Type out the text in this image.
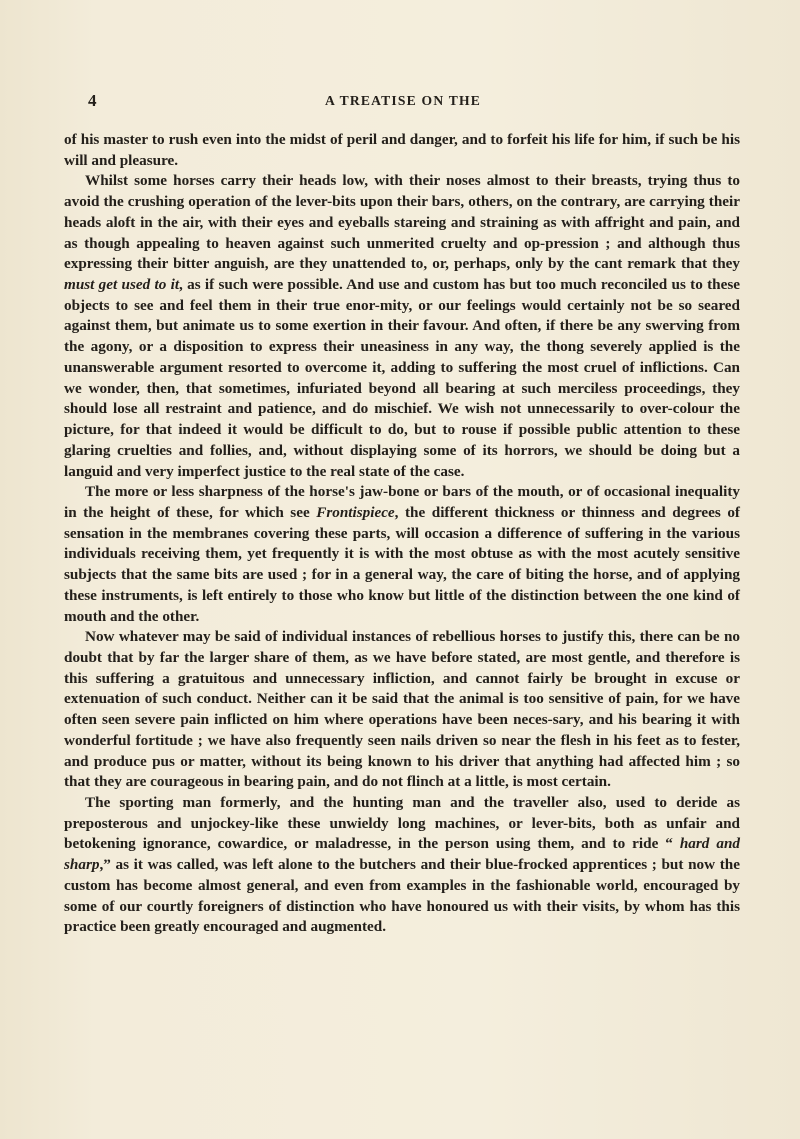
4	A TREATISE ON THE

of his master to rush even into the midst of peril and danger, and to forfeit his life for him, if such be his will and pleasure.

Whilst some horses carry their heads low, with their noses almost to their breasts, trying thus to avoid the crushing operation of the lever-bits upon their bars, others, on the contrary, are carrying their heads aloft in the air, with their eyes and eyeballs stareing and straining as with affright and pain, and as though appealing to heaven against such unmerited cruelty and op-pression ; and although thus expressing their bitter anguish, are they unattended to, or, perhaps, only by the cant remark that they must get used to it, as if such were possible. And use and custom has but too much reconciled us to these objects to see and feel them in their true enor-mity, or our feelings would certainly not be so seared against them, but animate us to some exertion in their favour. And often, if there be any swerving from the agony, or a disposition to express their uneasiness in any way, the thong severely applied is the unanswerable argument resorted to overcome it, adding to suffering the most cruel of inflictions. Can we wonder, then, that sometimes, infuriated beyond all bearing at such merciless proceedings, they should lose all restraint and patience, and do mischief. We wish not unnecessarily to over-colour the picture, for that indeed it would be difficult to do, but to rouse if possible public attention to these glaring cruelties and follies, and, without displaying some of its horrors, we should be doing but a languid and very imperfect justice to the real state of the case.

The more or less sharpness of the horse's jaw-bone or bars of the mouth, or of occasional inequality in the height of these, for which see Frontispiece, the different thickness or thinness and degrees of sensation in the membranes covering these parts, will occasion a difference of suffering in the various individuals receiving them, yet frequently it is with the most obtuse as with the most acutely sensitive subjects that the same bits are used ; for in a general way, the care of biting the horse, and of applying these instruments, is left entirely to those who know but little of the distinction between the one kind of mouth and the other.

Now whatever may be said of individual instances of rebellious horses to justify this, there can be no doubt that by far the larger share of them, as we have before stated, are most gentle, and therefore is this suffering a gratuitous and unnecessary infliction, and cannot fairly be brought in excuse or extenuation of such conduct. Neither can it be said that the animal is too sensitive of pain, for we have often seen severe pain inflicted on him where operations have been neces-sary, and his bearing it with wonderful fortitude ; we have also frequently seen nails driven so near the flesh in his feet as to fester, and produce pus or matter, without its being known to his driver that anything had affected him ; so that they are courageous in bearing pain, and do not flinch at a little, is most certain.

The sporting man formerly, and the hunting man and the traveller also, used to deride as preposterous and unjockey-like these unwieldy long machines, or lever-bits, both as unfair and betokening ignorance, cowardice, or maladresse, in the person using them, and to ride “ hard and sharp,” as it was called, was left alone to the butchers and their blue-frocked apprentices ; but now the custom has become almost general, and even from examples in the fashionable world, encouraged by some of our courtly foreigners of distinction who have honoured us with their visits, by whom has this practice been greatly encouraged and augmented.
